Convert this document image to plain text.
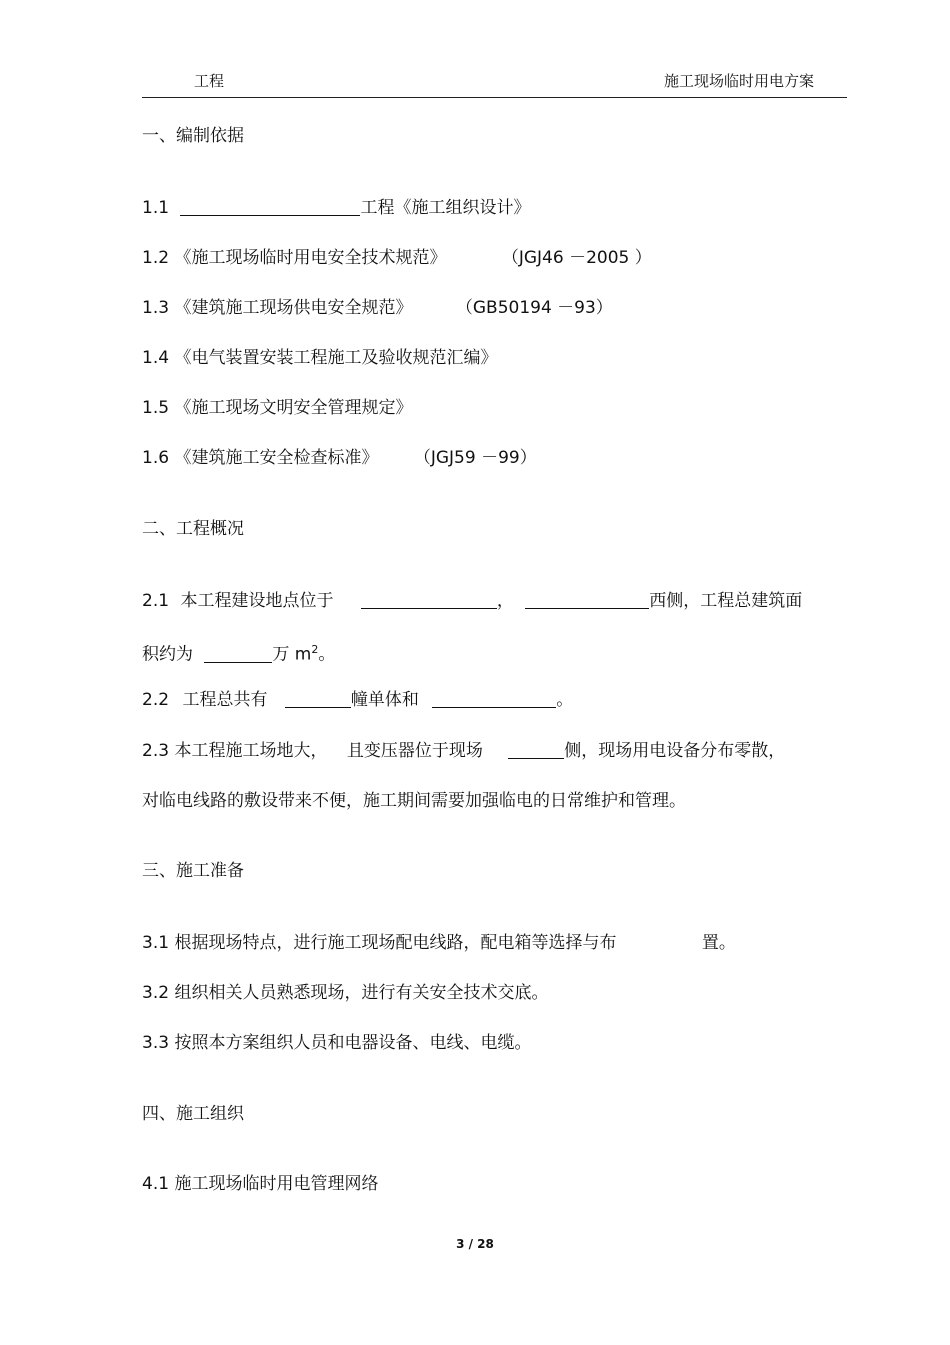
工程	施工现场临时用电方案
一、编制依据
1.1	工程《施工组织设计》
1.2 《施工现场临时用电安全技术规范》	（JGJ46 －2005 ）
1.3 《建筑施工现场供电安全规范》	（GB50194 －93）
1.4 《电气装置安装工程施工及验收规范汇编》
1.5 《施工现场文明安全管理规定》
1.6 《建筑施工安全检查标准》 （JGJ59 －99）
二、工程概况
2.1 本工程建设地点位于	，	西侧，工程总建筑面
积约为	万 $m^2$。
2.2 工程总共有	幢单体和	。
2.3 本工程施工场地大， 且变压器位于现场	侧，现场用电设备分布零散，
对临电线路的敷设带来不便，施工期间需要加强临电的日常维护和管理。
三、施工准备
3.1 根据现场特点，进行施工现场配电线路，配电箱等选择与布	置。
3.2 组织相关人员熟悉现场，进行有关安全技术交底。
3.3 按照本方案组织人员和电器设备、电线、电缆。
四、施工组织
4.1 施工现场临时用电管理网络
3 / 28
